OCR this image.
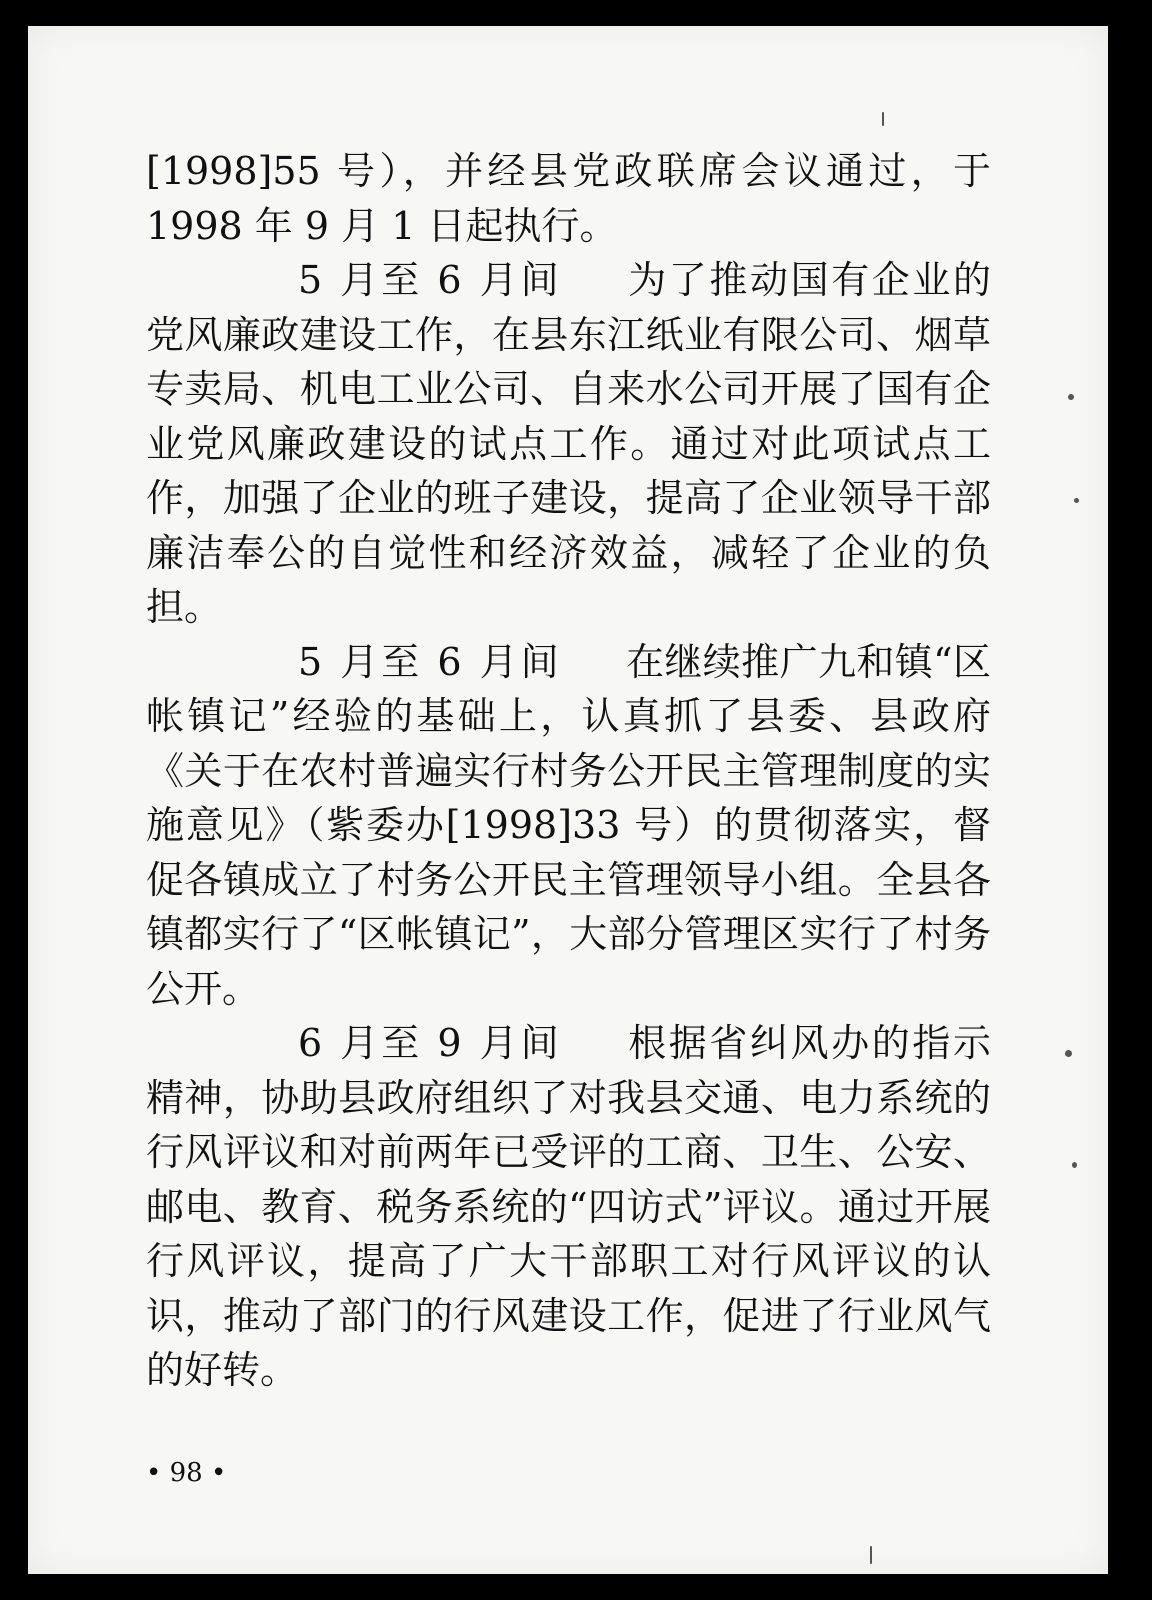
[1998]55 号），并经县党政联席会议通过，于 1998 年 9 月 1 日起执行。

5 月至 6 月间 为了推动国有企业的党风廉政建设工作，在县东江纸业有限公司、烟草专卖局、机电工业公司、自来水公司开展了国有企业党风廉政建设的试点工作。通过对此项试点工作，加强了企业的班子建设，提高了企业领导干部廉洁奉公的自觉性和经济效益，减轻了企业的负担。

5 月至 6 月间 在继续推广九和镇“区帐镇记”经验的基础上，认真抓了县委、县政府《关于在农村普遍实行村务公开民主管理制度的实施意见》（紫委办[1998]33 号）的贯彻落实，督促各镇成立了村务公开民主管理领导小组。全县各镇都实行了“区帐镇记”，大部分管理区实行了村务公开。

6 月至 9 月间 根据省纠风办的指示精神，协助县政府组织了对我县交通、电力系统的行风评议和对前两年已受评的工商、卫生、公安、邮电、教育、税务系统的“四访式”评议。通过开展行风评议，提高了广大干部职工对行风评议的认识，推动了部门的行风建设工作，促进了行业风气的好转。

• 98 •
